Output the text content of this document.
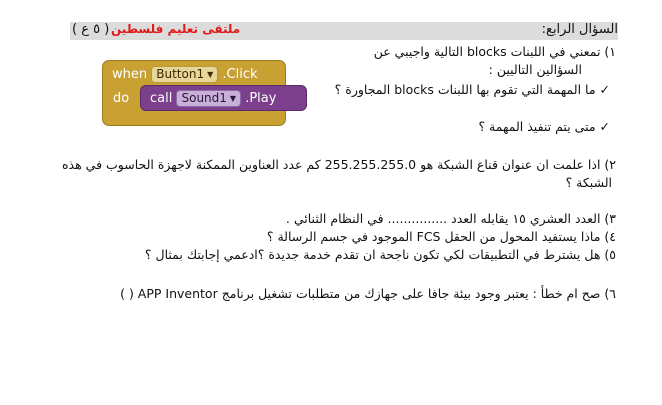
السؤال الرابع:
ملتقى تعليم فلسطين
( ٥ ع )
١) تمعني في اللبنات blocks التالية واجيبي عن
السؤالين التاليين :
✓ ما المهمة التي تقوم بها اللبنات blocks المجاورة ؟
✓ متى يتم تنفيذ المهمة ؟
٢) اذا علمت ان عنوان قناع الشبكة هو 255.255.255.0 كم عدد العناوين الممكنة لاجهزة الحاسوب في هذه
الشبكة ؟
٣) العدد العشري ١٥ يقابله العدد ............... في النظام الثنائي .
٤) ماذا يستفيد المحول من الحقل FCS الموجود في جسم الرسالة ؟
٥) هل يشترط في التطبيقات لكي تكون ناجحة ان تقدم خدمة جديدة ؟ادعمي إجابتك بمثال ؟
٦) صح ام خطأ : يعتبر وجود بيئة جافا على جهازك من متطلبات تشغيل برنامج APP Inventor ( )
when Button1 ▼ .Click
do call Sound1 ▼ .Play
